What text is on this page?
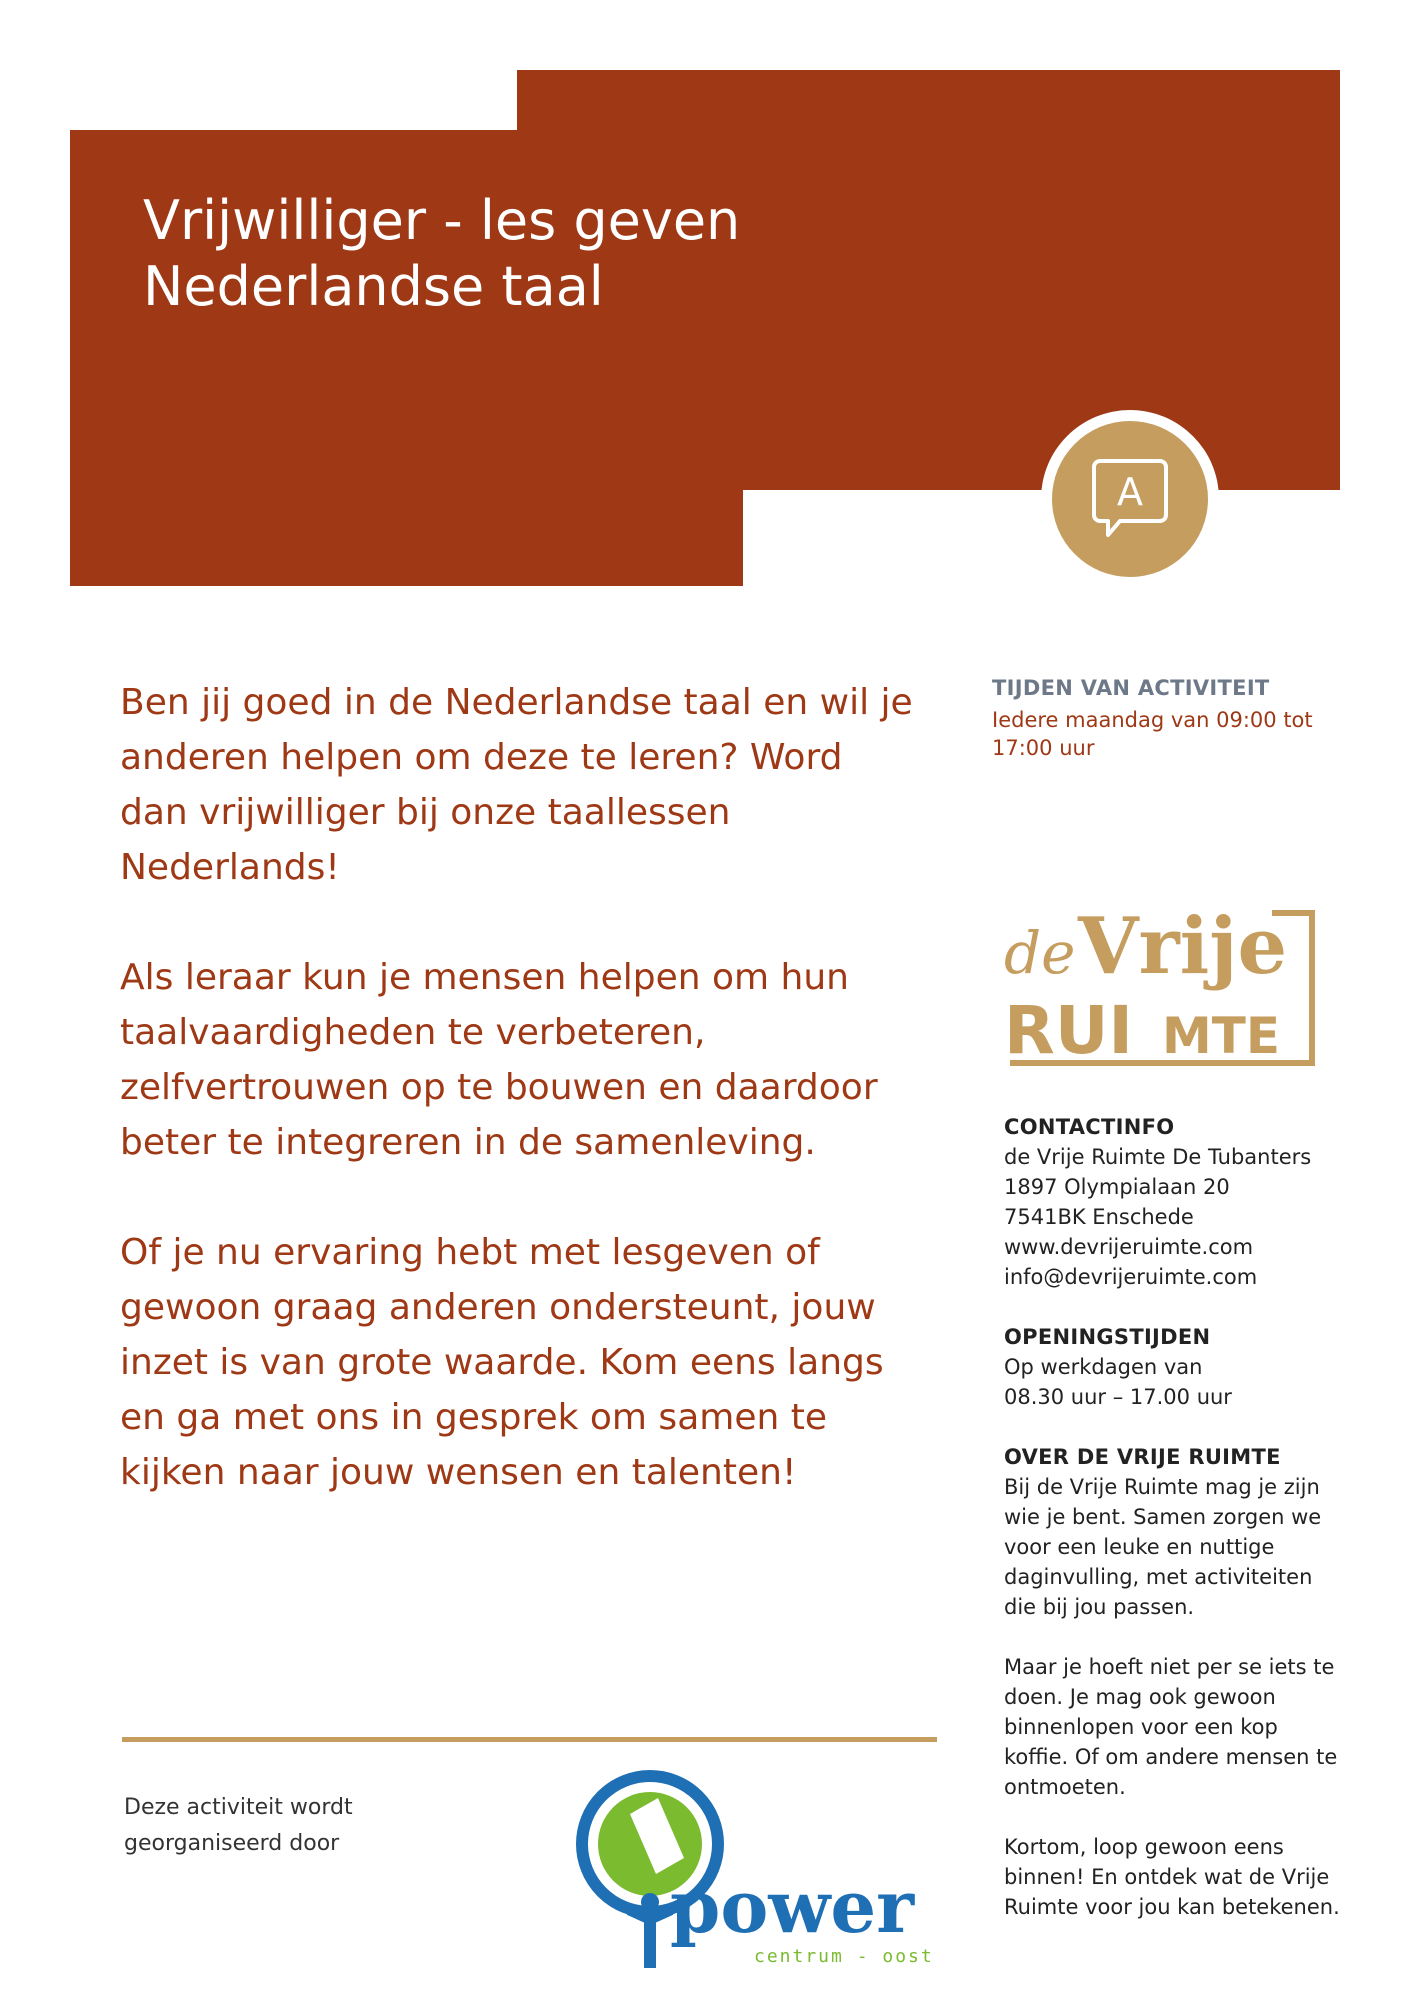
Vrijwilliger - les geven
Nederlandse taal
A

Ben jij goed in de Nederlandse taal en wil je anderen helpen om deze te leren? Word dan vrijwilliger bij onze taallessen Nederlands!

Als leraar kun je mensen helpen om hun taalvaardigheden te verbeteren, zelfvertrouwen op te bouwen en daardoor beter te integreren in de samenleving.

Of je nu ervaring hebt met lesgeven of gewoon graag anderen ondersteunt, jouw inzet is van grote waarde. Kom eens langs en ga met ons in gesprek om samen te kijken naar jouw wensen en talenten!

TIJDEN VAN ACTIVITEIT
Iedere maandag van 09:00 tot 17:00 uur
de Vrije
RUI MTE
CONTACTINFO
de Vrije Ruimte De Tubanters
1897 Olympialaan 20
7541BK Enschede
www.devrijeruimte.com
info@devrijeruimte.com
OPENINGSTIJDEN
Op werkdagen van
08.30 uur – 17.00 uur
OVER DE VRIJE RUIMTE

Bij de Vrije Ruimte mag je zijn wie je bent. Samen zorgen we voor een leuke en nuttige daginvulling, met activiteiten die bij jou passen.

Maar je hoeft niet per se iets te doen. Je mag ook gewoon binnenlopen voor een kop koffie. Of om andere mensen te ontmoeten.

Kortom, loop gewoon eens binnen! En ontdek wat de Vrije Ruimte voor jou kan betekenen.

Deze activiteit wordt georganiseerd door
power
centrum - oost
